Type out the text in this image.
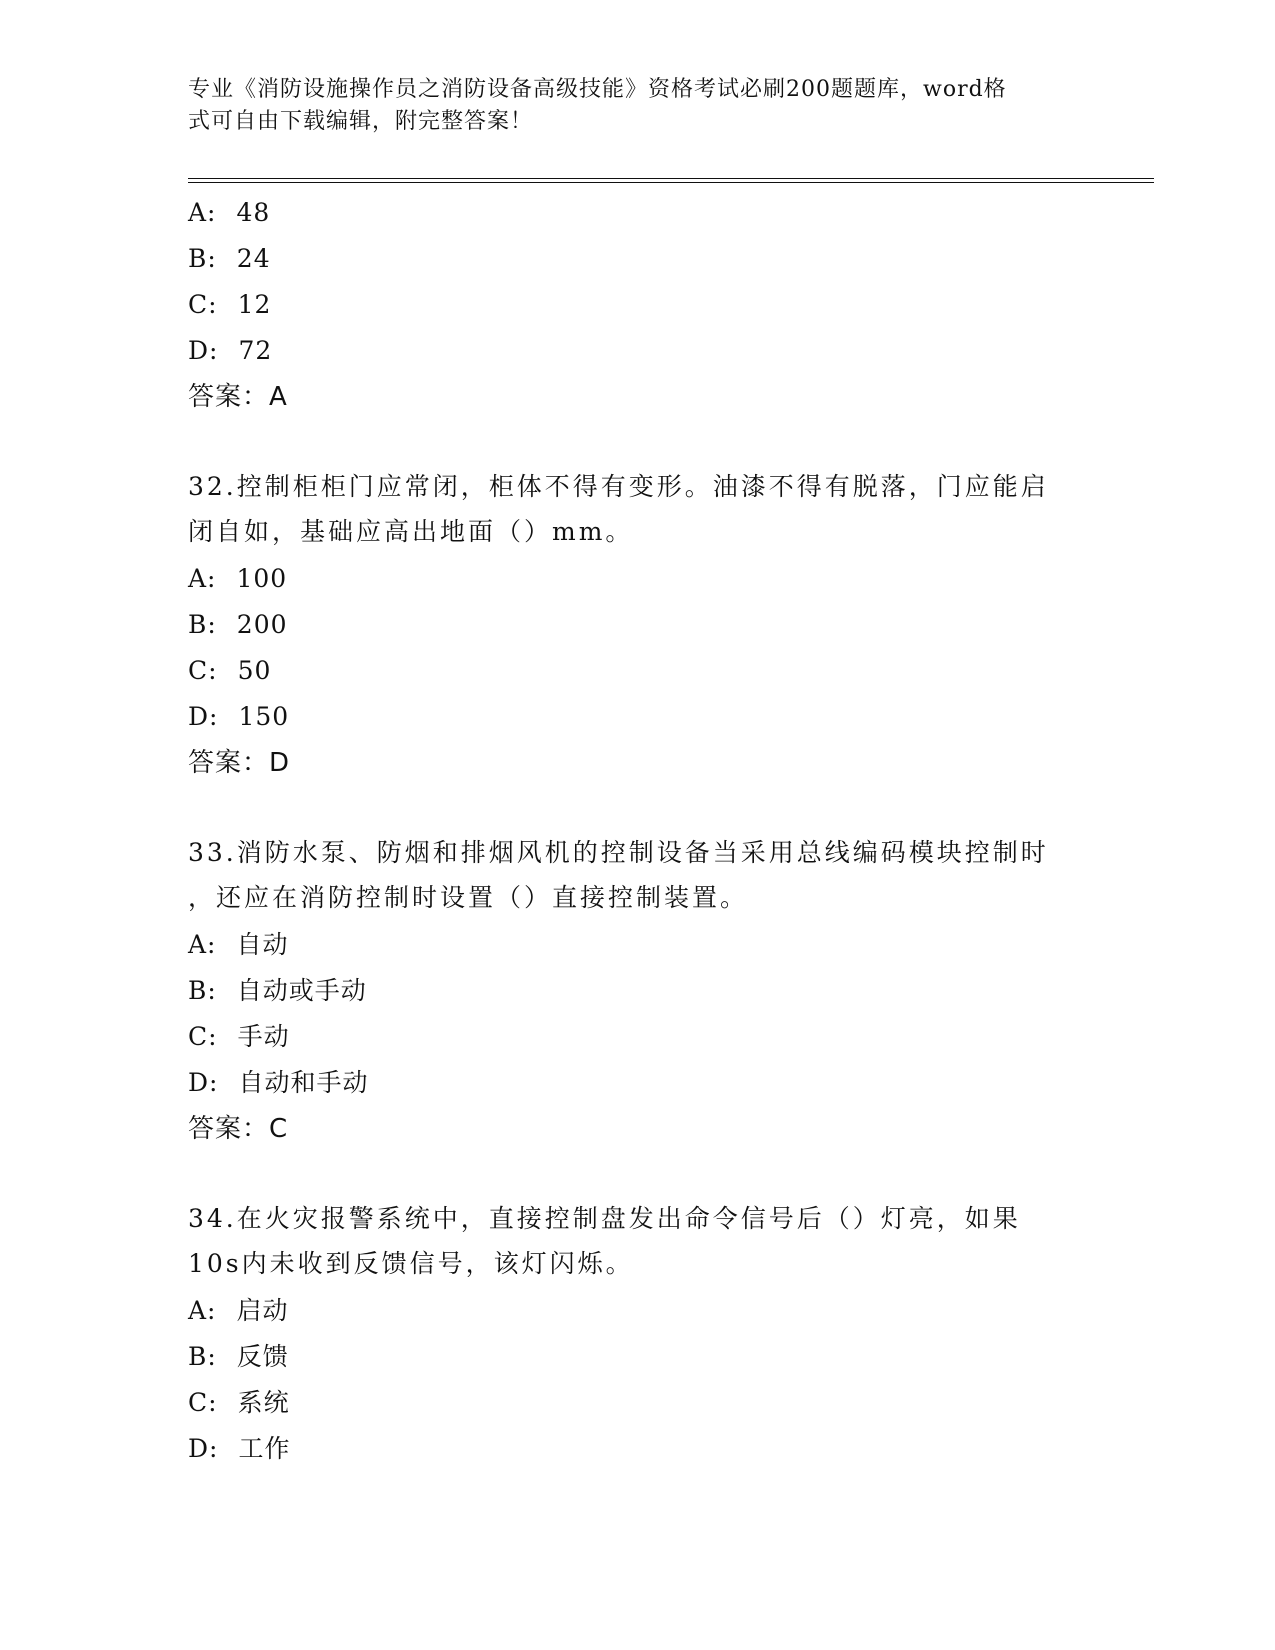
专业《消防设施操作员之消防设备高级技能》资格考试必刷200题题库，word格
式可自由下载编辑，附完整答案！
A: 48
B: 24
C: 12
D: 72
答案：A
32.控制柜柜门应常闭，柜体不得有变形。油漆不得有脱落，门应能启
闭自如，基础应高出地面（）mm。
A: 100
B: 200
C: 50
D: 150
答案：D
33.消防水泵、防烟和排烟风机的控制设备当采用总线编码模块控制时
，还应在消防控制时设置（）直接控制装置。
A: 自动
B: 自动或手动
C: 手动
D: 自动和手动
答案：C
34.在火灾报警系统中，直接控制盘发出命令信号后（）灯亮，如果
10s内未收到反馈信号，该灯闪烁。
A: 启动
B: 反馈
C: 系统
D: 工作
